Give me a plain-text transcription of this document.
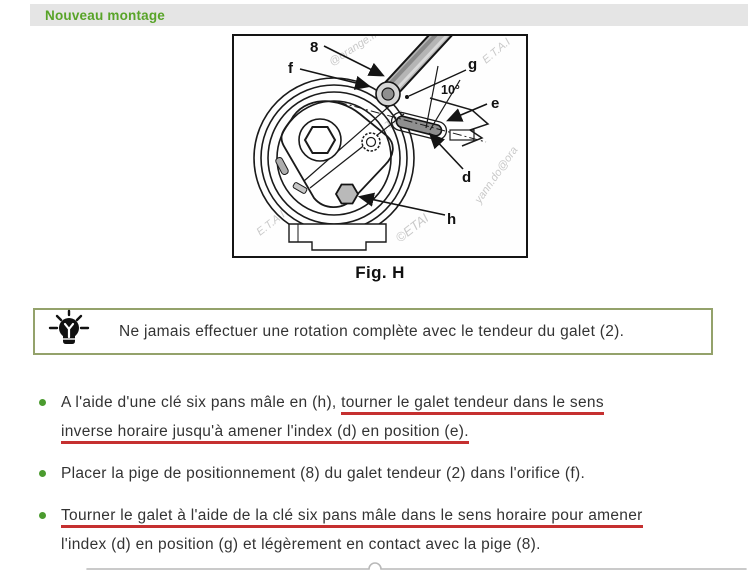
Nouveau montage
@orange.fr	E.T.A.I
yann.do@ora
E.T.A.I	©ETAI
8
f	g
10°
e
d
h
Fig. H
Ne jamais effectuer une rotation complète avec le tendeur du galet (2).
A l'aide d'une clé six pans mâle en (h), tourner le galet tendeur dans le sens
inverse horaire jusqu'à amener l'index (d) en position (e).
Placer la pige de positionnement (8) du galet tendeur (2) dans l'orifice (f).
Tourner le galet à l'aide de la clé six pans mâle dans le sens horaire pour amener
l'index (d) en position (g) et légèrement en contact avec la pige (8).
